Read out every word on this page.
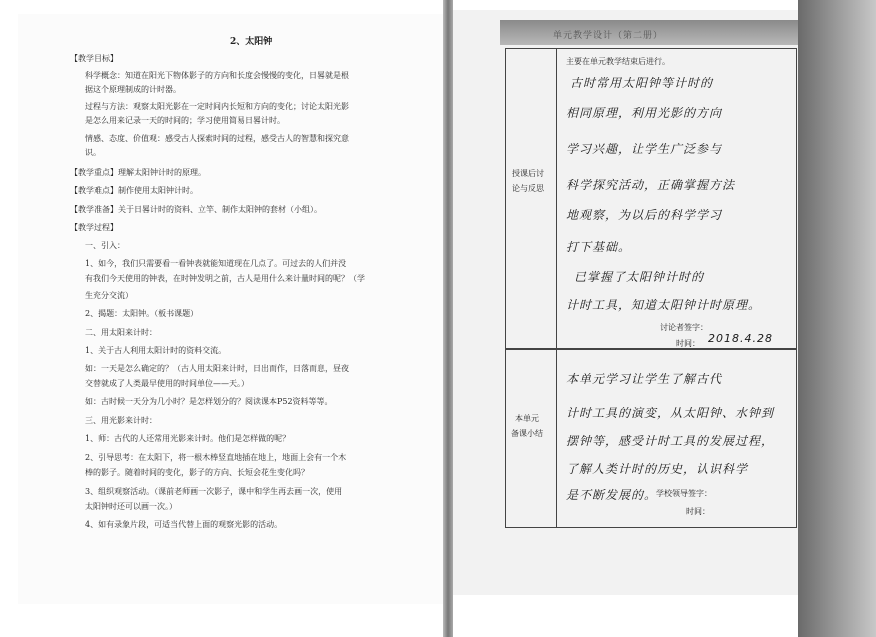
2、太阳钟
【教学目标】
科学概念：知道在阳光下物体影子的方向和长度会慢慢的变化，日晷就是根
据这个原理制成的计时器。
过程与方法：观察太阳光影在一定时间内长短和方向的变化；讨论太阳光影
是怎么用来记录一天的时间的；学习使用简易日晷计时。
情感、态度、价值观：感受古人探索时间的过程，感受古人的智慧和探究意
识。
【教学重点】理解太阳钟计时的原理。
【教学难点】制作使用太阳钟计时。
【教学准备】关于日晷计时的资料、立竿、制作太阳钟的套材（小组）。
【教学过程】
一、引入：
1、如今，我们只需要看一看钟表就能知道现在几点了。可过去的人们并没
有我们今天使用的钟表，在时钟发明之前，古人是用什么来计量时间的呢？（学
生充分交流）
2、揭题：太阳钟。（板书课题）
二、用太阳来计时：
1、关于古人利用太阳计时的资料交流。
如：一天是怎么确定的？（古人用太阳来计时，日出而作，日落而息，昼夜
交替就成了人类最早使用的时间单位——天。）
如：古时候一天分为几小时？是怎样划分的？阅读课本P52资料等等。
三、用光影来计时：
1、师：古代的人还常用光影来计时。他们是怎样做的呢？
2、引导思考：在太阳下，将一根木棒竖直地插在地上，地面上会有一个木
棒的影子。随着时间的变化，影子的方向、长短会花生变化吗？
3、组织观察活动。（课前老师画一次影子，课中和学生再去画一次，使用
太阳钟时还可以画一次。）
4、如有录象片段，可适当代替上面的观察光影的活动。
单元教学设计（第二册）
授课后讨
论与反思
主要在单元教学结束后进行。
本单元
备课小结
讨论者签字：
时间：
学校领导签字：
时间：
古时常用太阳钟等计时的
相同原理，利用光影的方向
学习兴趣，让学生广泛参与
科学探究活动，正确掌握方法
地观察，为以后的科学学习
打下基础。
已掌握了太阳钟计时的
计时工具，知道太阳钟计时原理。
2018.4.28
本单元学习让学生了解古代
计时工具的演变，从太阳钟、水钟到
摆钟等，感受计时工具的发展过程，
了解人类计时的历史，认识科学
是不断发展的。
